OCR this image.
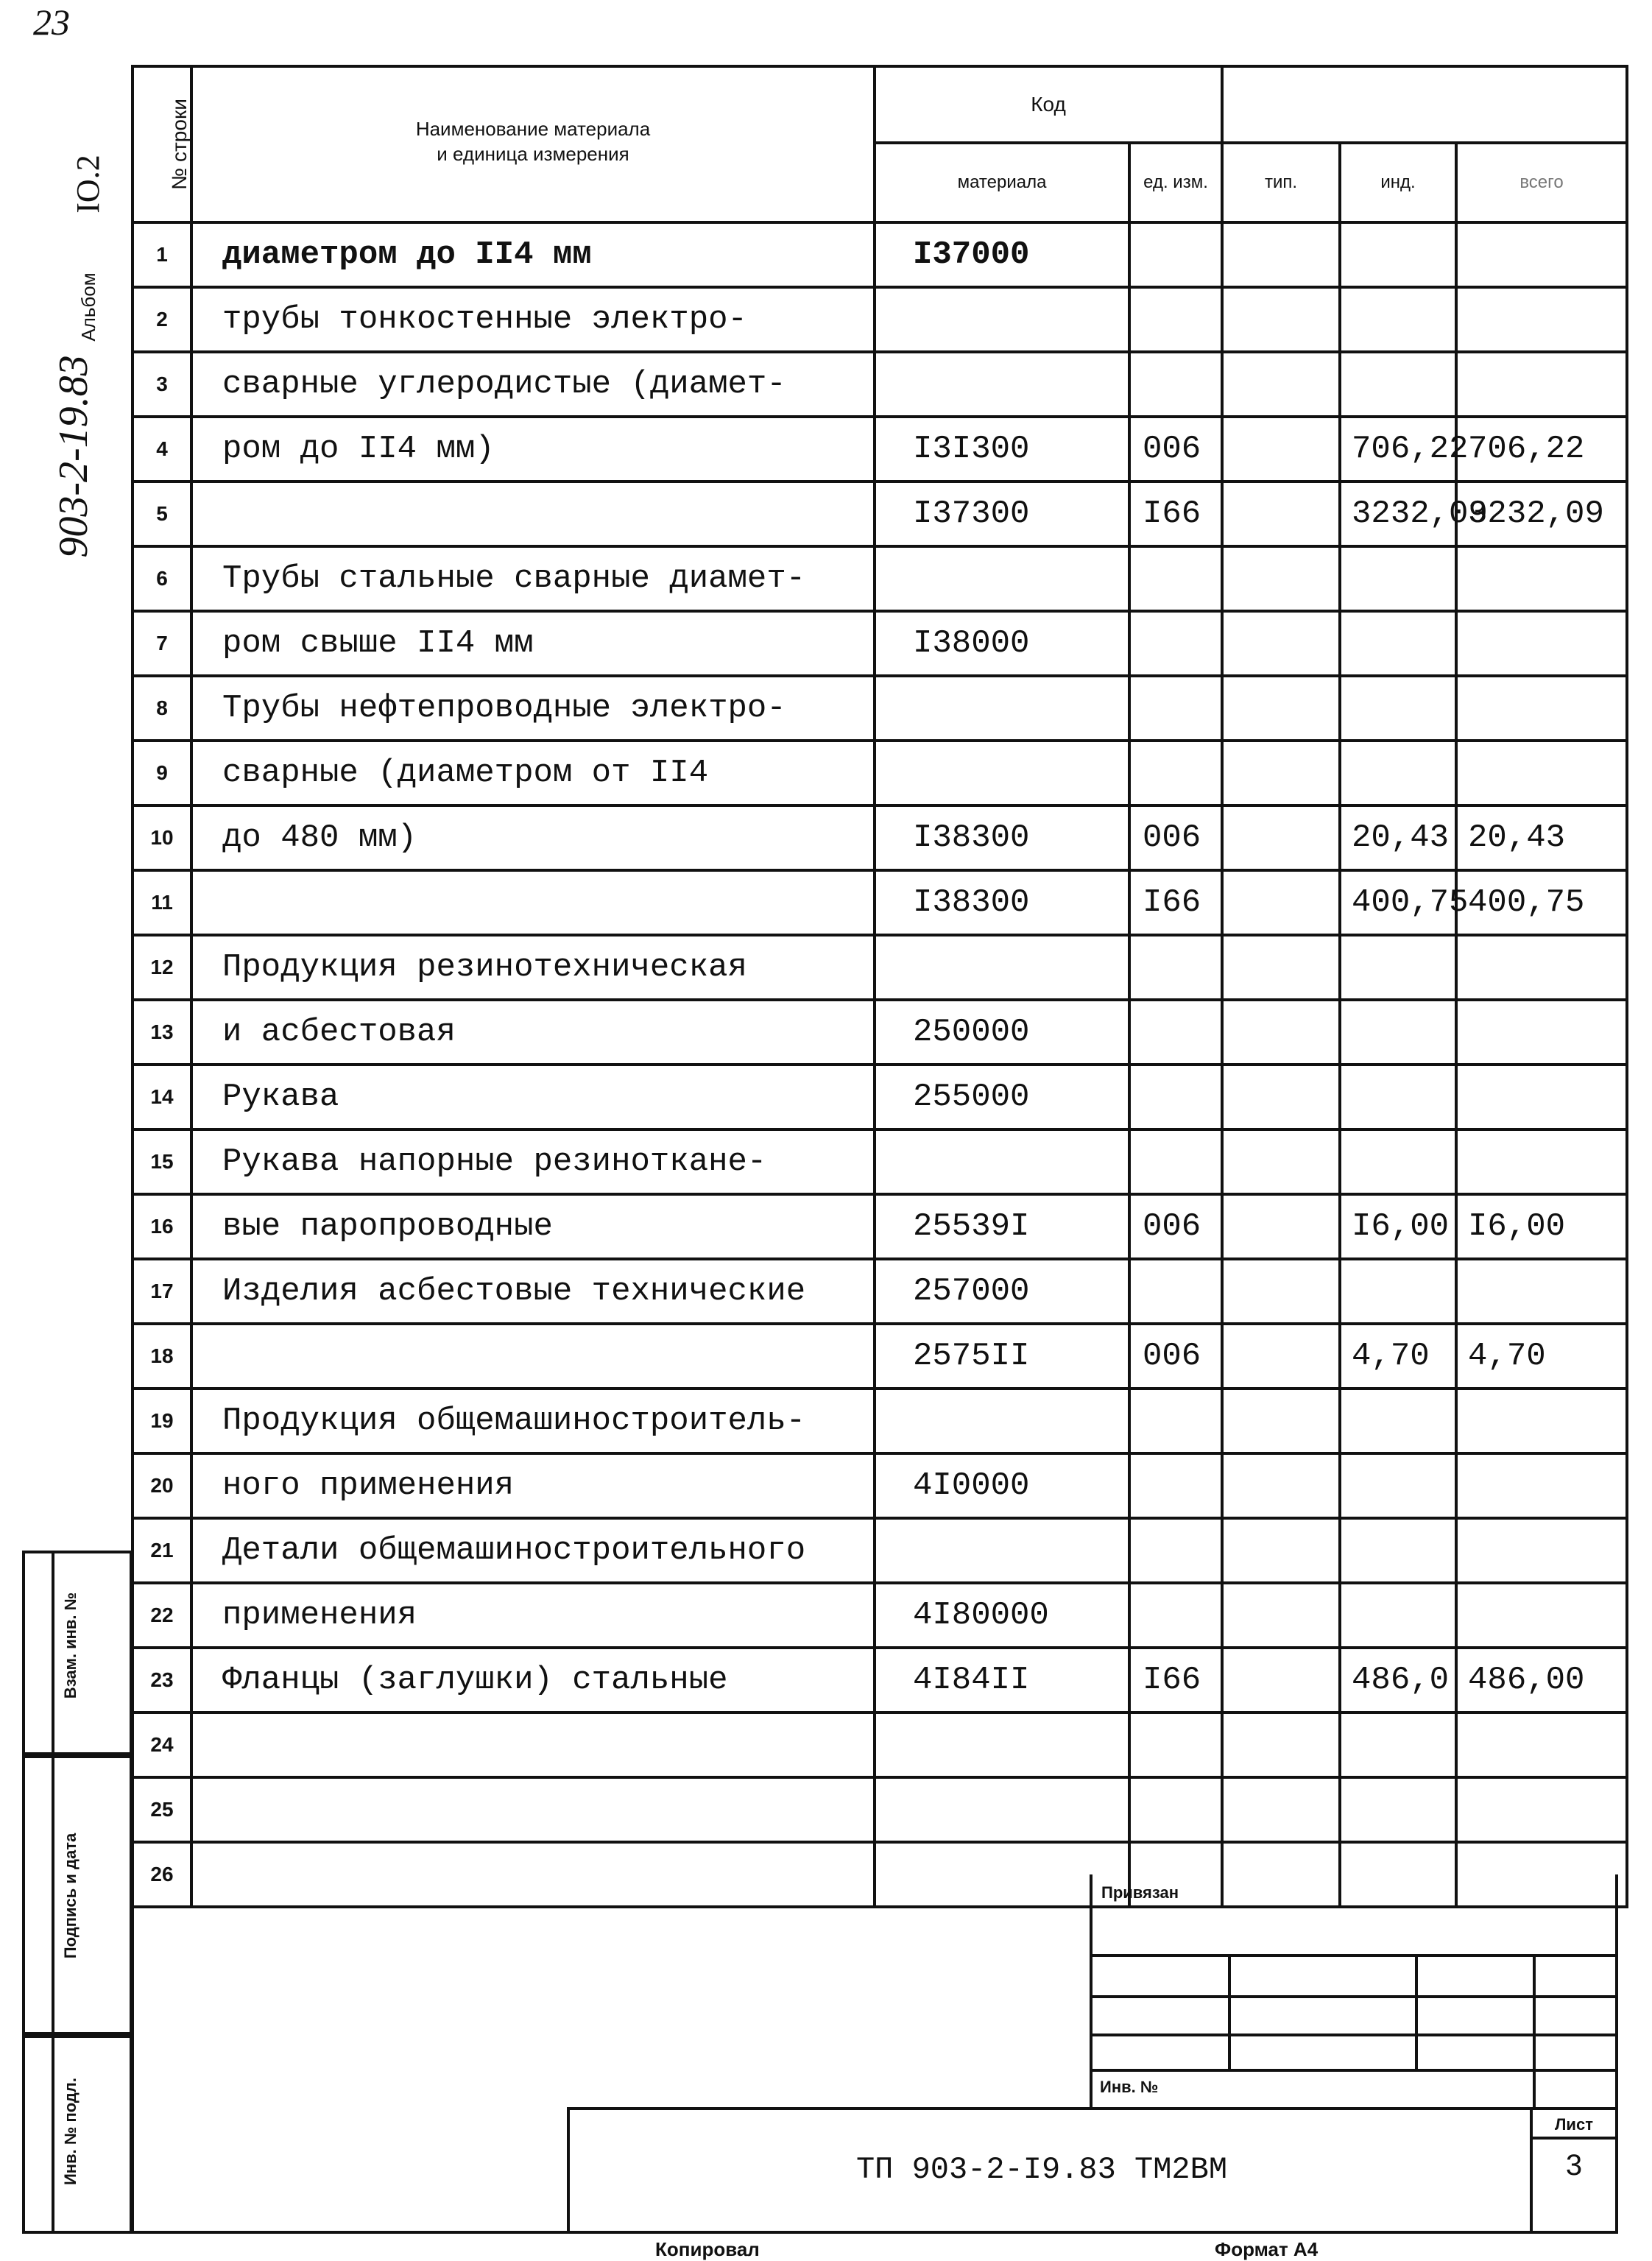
Альбом
IO.2
903-2-19.83
23
№ строки	Наименование материала
и единица измерения	Код				
		материала	ед. изм.	тип.	инд.	всего
1	диаметром до II4 мм	I37000				
2	трубы тонкостенные электро-					
3	сварные углеродистые (диамет-					
4	ром до II4 мм)	I3I300	006		706,22	706,22
5		I37300	I66		3232,09	3232,09
6	Трубы стальные сварные диамет-					
7	ром свыше II4 мм	I38000				
8	Трубы нефтепроводные электро-					
9	сварные (диаметром от II4					
10	до 480 мм)	I38300	006		20,43	20,43
11		I38300	I66		400,75	400,75
12	Продукция резинотехническая					
13	и асбестовая	250000				
14	Рукава	255000				
15	Рукава напорные резиноткане-					
16	вые паропроводные	25539I	006		I6,00	I6,00
17	Изделия асбестовые технические	257000				
18		2575II	006		4,70	4,70
19	Продукция общемашиностроитель-					
20	ного применения	4I0000				
21	Детали общемашиностроительного					
22	применения	4I80000				
23	Фланцы (заглушки) стальные	4I84II	I66		486,0	486,00
24						
25						
26						
Привязан
Инв. №
ТП 903-2-I9.83 ТМ2ВМ
Лист
3
Взам. инв. №
Подпись и дата
Инв. № подл.
Копировал	Формат А4
